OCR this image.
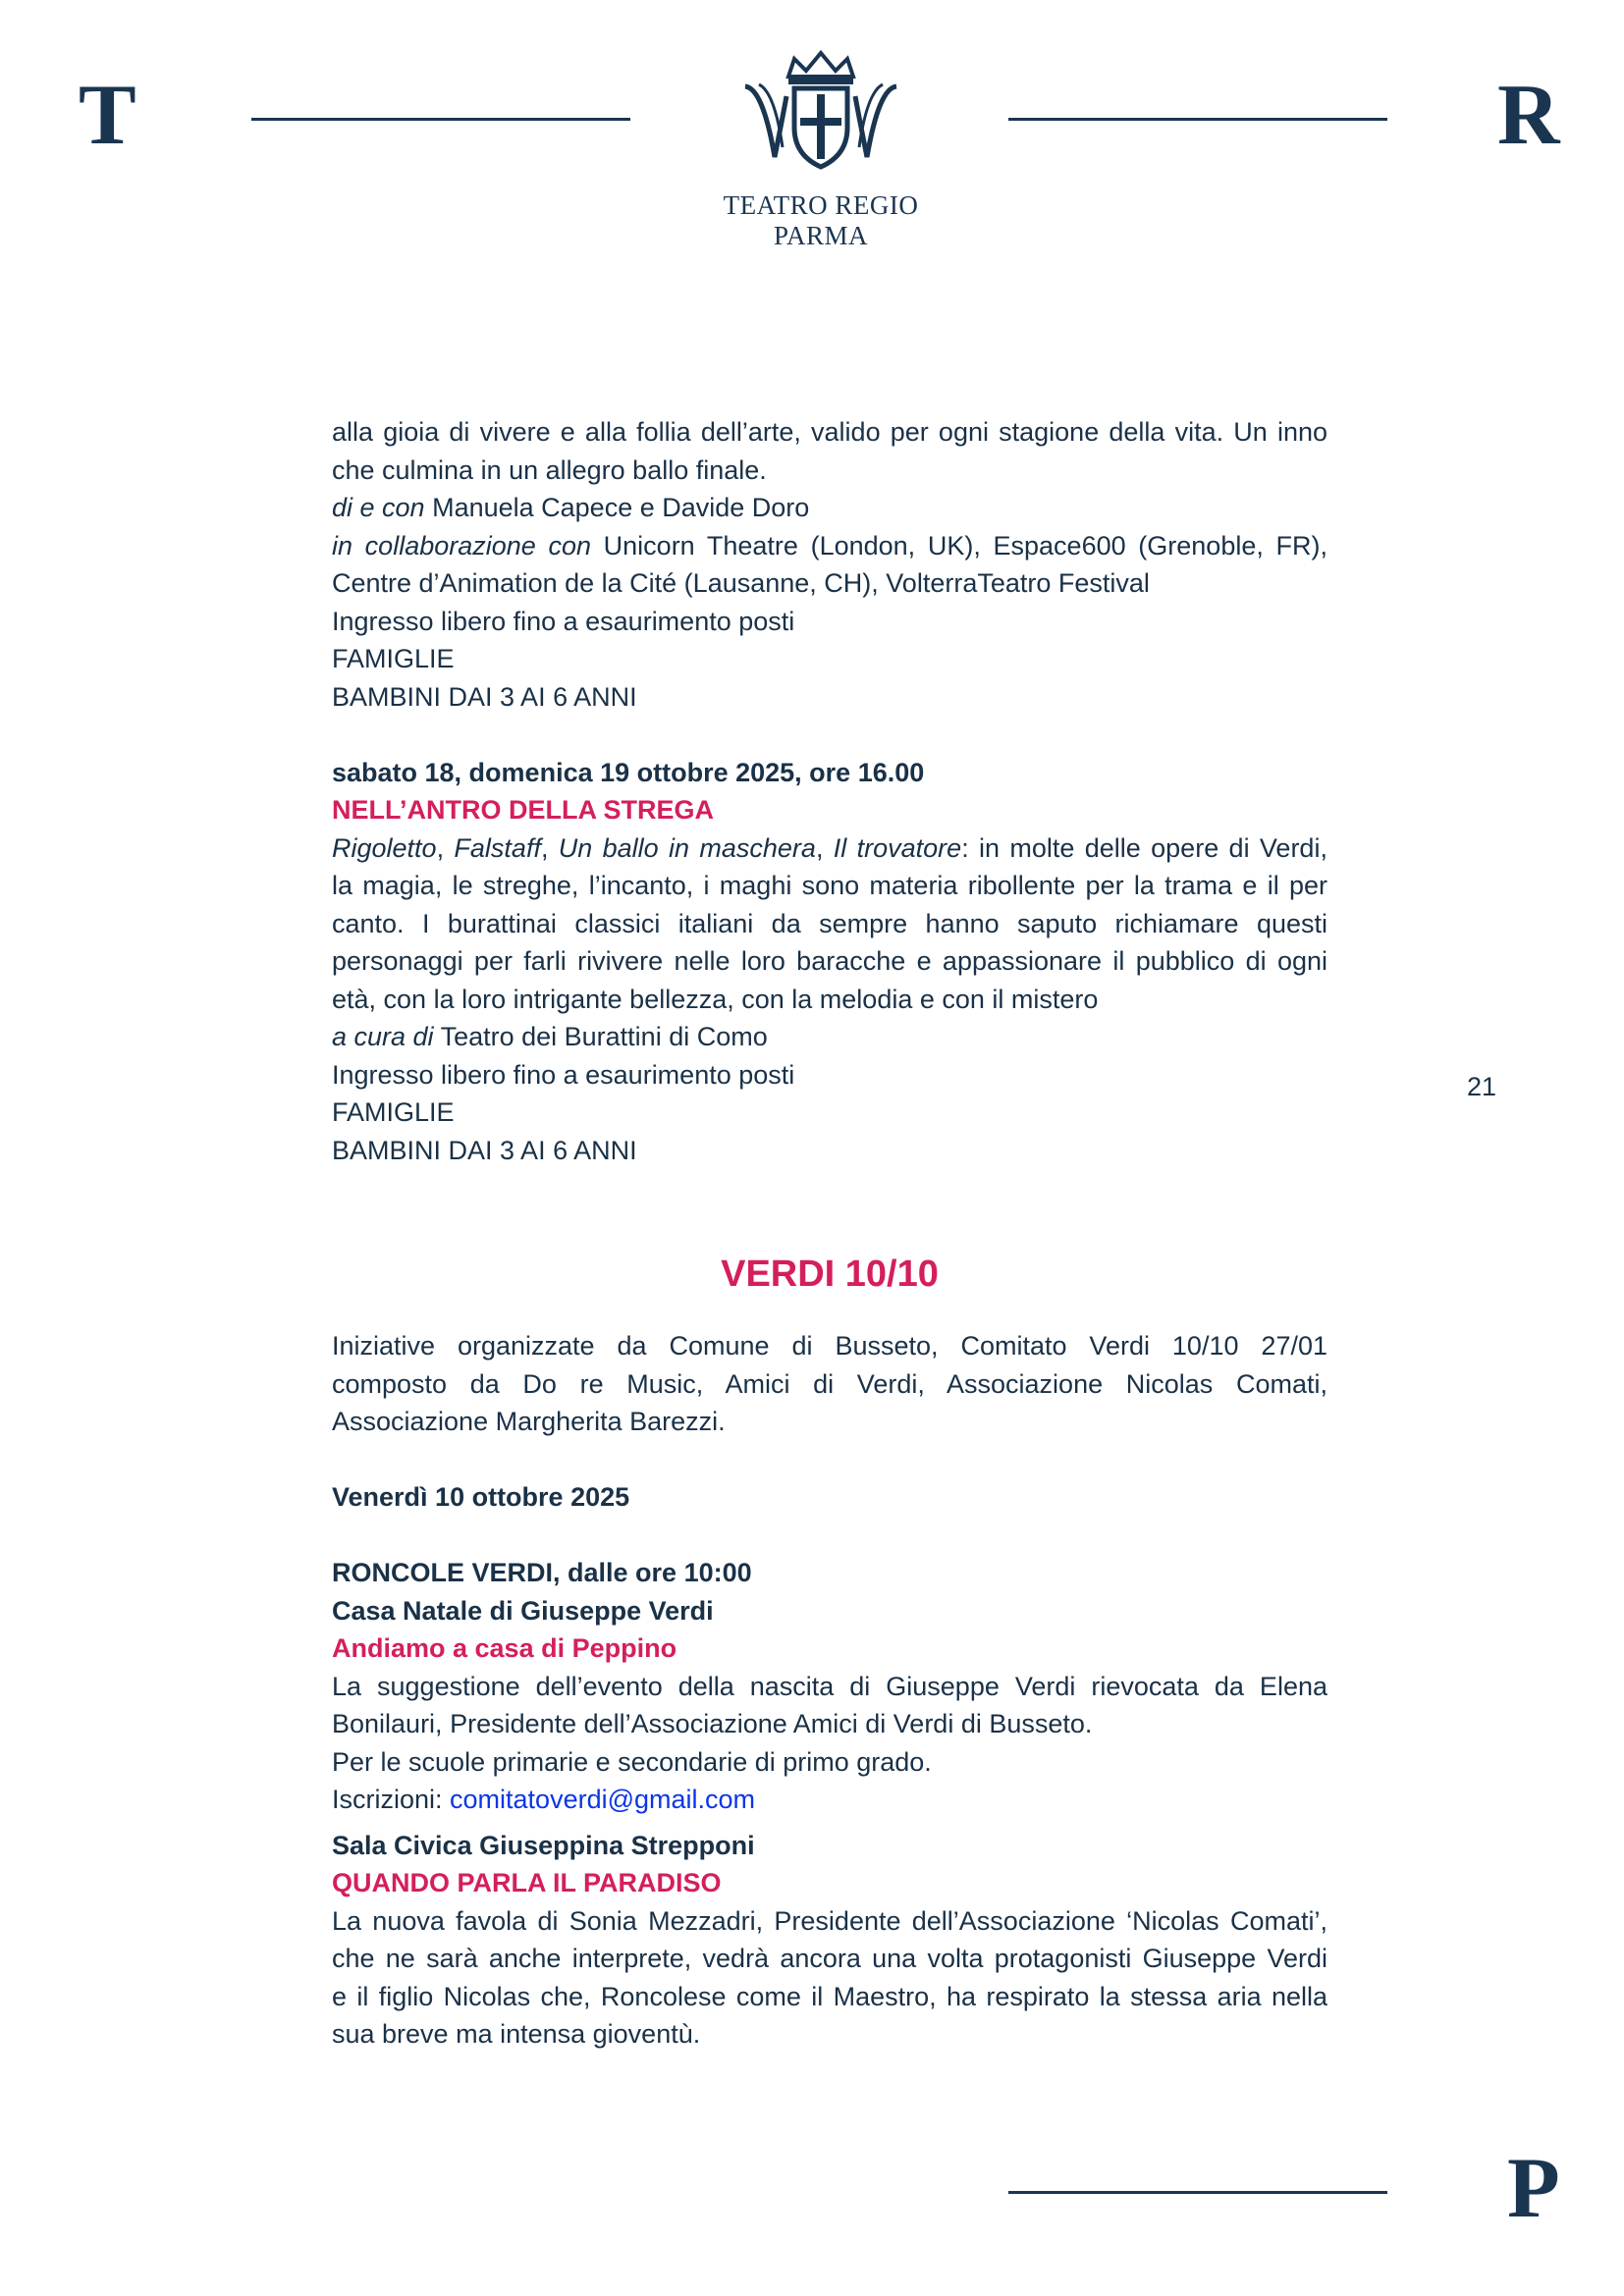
T
TEATRO REGIO
PARMA
R
21

alla gioia di vivere e alla follia dell’arte, valido per ogni stagione della vita. Un inno

che culmina in un allegro ballo finale.

di e con Manuela Capece e Davide Doro

in collaborazione con Unicorn Theatre (London, UK), Espace600 (Grenoble, FR),

Centre d’Animation de la Cité (Lausanne, CH), VolterraTeatro Festival

Ingresso libero fino a esaurimento posti

FAMIGLIE

BAMBINI DAI 3 AI 6 ANNI

sabato 18, domenica 19 ottobre 2025, ore 16.00

NELL’ANTRO DELLA STREGA

Rigoletto, Falstaff, Un ballo in maschera, Il trovatore: in molte delle opere di Verdi,

la magia, le streghe, l’incanto, i maghi sono materia ribollente per la trama e il per

canto. I burattinai classici italiani da sempre hanno saputo richiamare questi

personaggi per farli rivivere nelle loro baracche e appassionare il pubblico di ogni

età, con la loro intrigante bellezza, con la melodia e con il mistero

a cura di Teatro dei Burattini di Como

Ingresso libero fino a esaurimento posti

FAMIGLIE

BAMBINI DAI 3 AI 6 ANNI

VERDI 10/10

Iniziative organizzate da Comune di Busseto, Comitato Verdi 10/10 27/01

composto da Do re Music, Amici di Verdi, Associazione Nicolas Comati,

Associazione Margherita Barezzi.

Venerdì 10 ottobre 2025

RONCOLE VERDI, dalle ore 10:00

Casa Natale di Giuseppe Verdi

Andiamo a casa di Peppino

La suggestione dell’evento della nascita di Giuseppe Verdi rievocata da Elena

Bonilauri, Presidente dell’Associazione Amici di Verdi di Busseto.

Per le scuole primarie e secondarie di primo grado.

Iscrizioni: comitatoverdi@gmail.com

Sala Civica Giuseppina Strepponi

QUANDO PARLA IL PARADISO

La nuova favola di Sonia Mezzadri, Presidente dell’Associazione ‘Nicolas Comati’,

che ne sarà anche interprete, vedrà ancora una volta protagonisti Giuseppe Verdi

e il figlio Nicolas che, Roncolese come il Maestro, ha respirato la stessa aria nella

sua breve ma intensa gioventù.

P
